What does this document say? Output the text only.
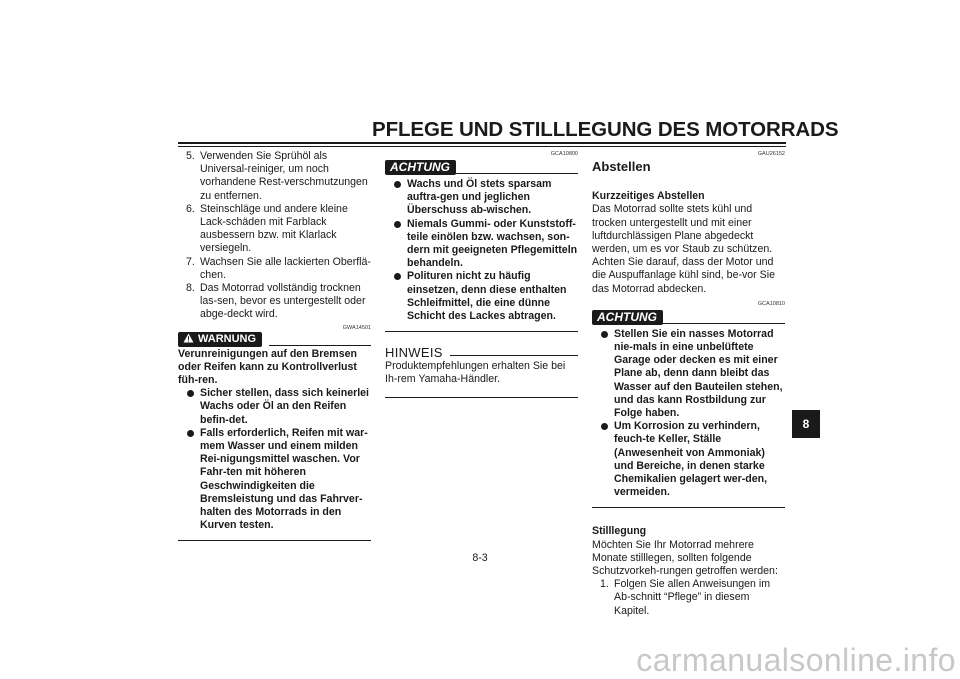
PFLEGE UND STILLLEGUNG DES MOTORRADS
5. Verwenden Sie Sprühöl als Universal-reiniger, um noch vorhandene Rest-verschmutzungen zu entfernen.
6. Steinschläge und andere kleine Lack-schäden mit Farblack ausbessern bzw. mit Klarlack versiegeln.
7. Wachsen Sie alle lackierten Oberflä-chen.
8. Das Motorrad vollständig trocknen las-sen, bevor es untergestellt oder abge-deckt wird.
WARNUNG
GWA14501
Verunreinigungen auf den Bremsen oder Reifen kann zu Kontrollverlust füh-ren.
Sicher stellen, dass sich keinerlei Wachs oder Öl an den Reifen befin-det.
Falls erforderlich, Reifen mit war-mem Wasser und einem milden Rei-nigungsmittel waschen. Vor Fahr-ten mit höheren Geschwindigkeiten die Bremsleistung und das Fahrver-halten des Motorrads in den Kurven testen.
GCA10800
ACHTUNG
Wachs und Öl stets sparsam auftra-gen und jeglichen Überschuss ab-wischen.
Niemals Gummi- oder Kunststoff-teile einölen bzw. wachsen, son-dern mit geeigneten Pflegemitteln behandeln.
Polituren nicht zu häufig einsetzen, denn diese enthalten Schleifmittel, die eine dünne Schicht des Lackes abtragen.
HINWEIS
Produktempfehlungen erhalten Sie bei Ih-rem Yamaha-Händler.
GAU26152
Abstellen
Kurzzeitiges Abstellen
Das Motorrad sollte stets kühl und trocken untergestellt und mit einer luftdurchlässigen Plane abgedeckt werden, um es vor Staub zu schützen. Achten Sie darauf, dass der Motor und die Auspuffanlage kühl sind, be-vor Sie das Motorrad abdecken.
GCA10810
ACHTUNG
Stellen Sie ein nasses Motorrad nie-mals in eine unbelüftete Garage oder decken es mit einer Plane ab, denn dann bleibt das Wasser auf den Bauteilen stehen, und das kann Rostbildung zur Folge haben.
Um Korrosion zu verhindern, feuch-te Keller, Ställe (Anwesenheit von Ammoniak) und Bereiche, in denen starke Chemikalien gelagert wer-den, vermeiden.
Stilllegung
Möchten Sie Ihr Motorrad mehrere Monate stilllegen, sollten folgende Schutzvorkeh-rungen getroffen werden:
1. Folgen Sie allen Anweisungen im Ab-schnitt “Pflege” in diesem Kapitel.
8
8-3
carmanualsonline.info
